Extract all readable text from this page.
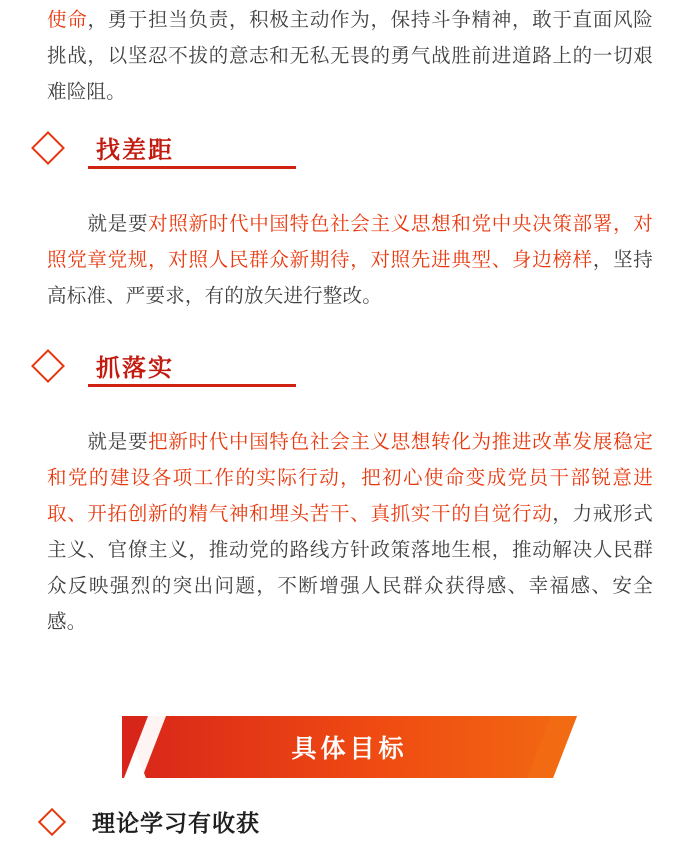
使命，勇于担当负责，积极主动作为，保持斗争精神，敢于直面风险挑战，以坚忍不拔的意志和无私无畏的勇气战胜前进道路上的一切艰难险阻。

找差距

就是要对照新时代中国特色社会主义思想和党中央决策部署，对照党章党规，对照人民群众新期待，对照先进典型、身边榜样，坚持高标准、严要求，有的放矢进行整改。

抓落实

就是要把新时代中国特色社会主义思想转化为推进改革发展稳定和党的建设各项工作的实际行动，把初心使命变成党员干部锐意进取、开拓创新的精气神和埋头苦干、真抓实干的自觉行动，力戒形式主义、官僚主义，推动党的路线方针政策落地生根，推动解决人民群众反映强烈的突出问题，不断增强人民群众获得感、幸福感、安全感。

具体目标
理论学习有收获
